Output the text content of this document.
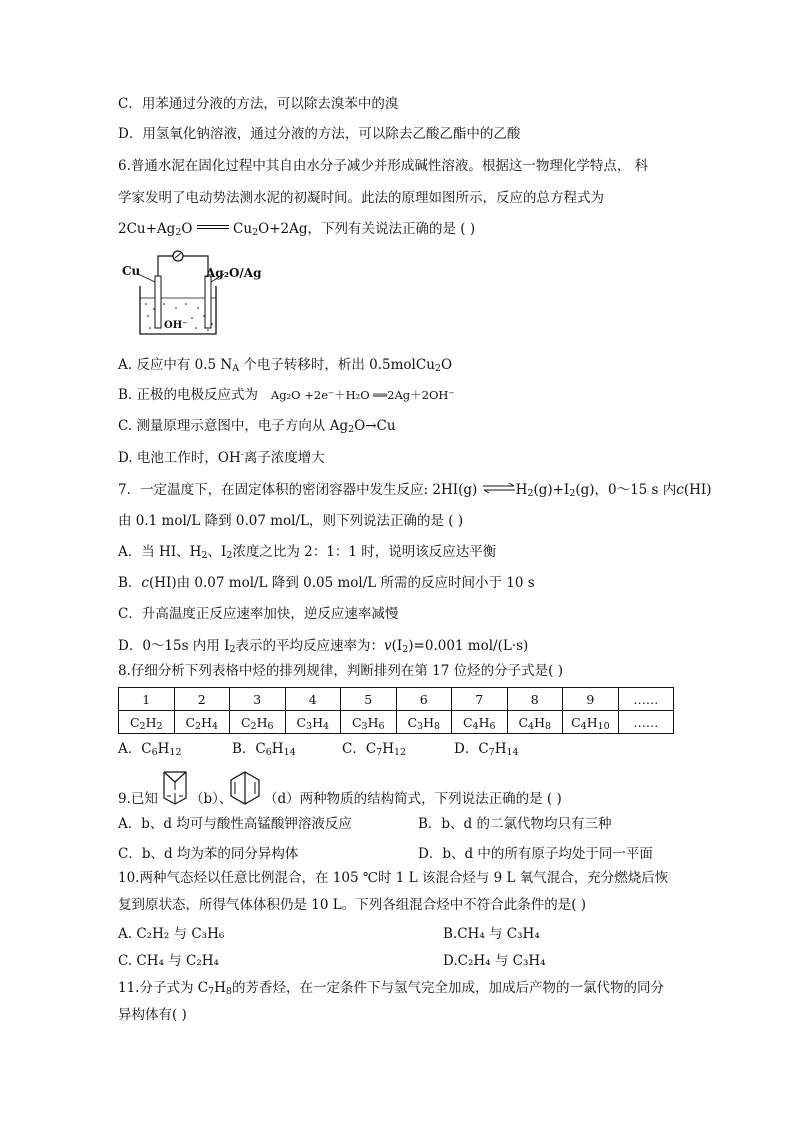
C．用苯通过分液的方法，可以除去溴苯中的溴
D．用氢氧化钠溶液，通过分液的方法，可以除去乙酸乙酯中的乙酸
6.普通水泥在固化过程中其自由水分子减少并形成碱性溶液。根据这一物理化学特点， 科
学家发明了电动势法测水泥的初凝时间。此法的原理如图所示，反应的总方程式为
$2Cu+Ag_2O$	$Cu_2O+2Ag$，下列有关说法正确的是 ( )
Cu	Ag₂O/Ag
OH⁻
A. 反应中有 0.5 $N_A$ 个电子转移时，析出 0.5molCu$_2$O
B. 正极的电极反应式为 Ag₂O +2e⁻＋H₂O ══2Ag＋2OH⁻
C. 测量原理示意图中，电子方向从 $Ag_2O\to Cu$
D. 电池工作时，OH-离子浓度增大
7．一定温度下，在固定体积的密闭容器中发生反应: 2HI(g) $\rightleftharpoons H_2(g)+I_2(g)$，0～15 s 内c(HI)
由 0.1 mol/L 降到 0.07 mol/L，则下列说法正确的是 ( )
A．当 HI、$H_2$、$I_2$浓度之比为 2：1：1 时，说明该反应达平衡
B．c(HI)由 0.07 mol/L 降到 0.05 mol/L 所需的反应时间小于 10 s
C．升高温度正反应速率加快，逆反应速率减慢
D．0～15s 内用 $I_2$表示的平均反应速率为：$v(I_2)=0.001$ mol/(L·s)
8.仔细分析下列表格中烃的排列规律，判断排列在第 17 位烃的分子式是( )
1	2	3	4	5	6	7	8	9	……
$C_2H_2$	$C_2H_4$	$C_2H_6$	$C_3H_4$	$C_3H_6$	$C_3H_8$	$C_4H_6$	$C_4H_8$	$C_4H_{10}$	……
A．$C_6H_{12}$	B．$C_6H_{14}$	C．$C_7H_{12}$	D．$C_7H_{14}$
9.已知 （b）、 （d）两种物质的结构简式，下列说法正确的是 ( )
A．b、d 均可与酸性高锰酸钾溶液反应	B．b、d 的二氯代物均只有三种
C．b、d 均为苯的同分异构体	D．b、d 中的所有原子均处于同一平面
10.两种气态烃以任意比例混合，在 105 ℃时 1 L 该混合烃与 9 L 氧气混合，充分燃烧后恢
复到原状态，所得气体体积仍是 10 L。下列各组混合烃中不符合此条件的是( )
A. C₂H₂ 与 C₃H₆	B.CH₄ 与 C₃H₄
C. CH₄ 与 C₂H₄	D.C₂H₄ 与 C₃H₄
11.分子式为 $C_7H_8$的芳香烃，在一定条件下与氢气完全加成，加成后产物的一氯代物的同分
异构体有( )
